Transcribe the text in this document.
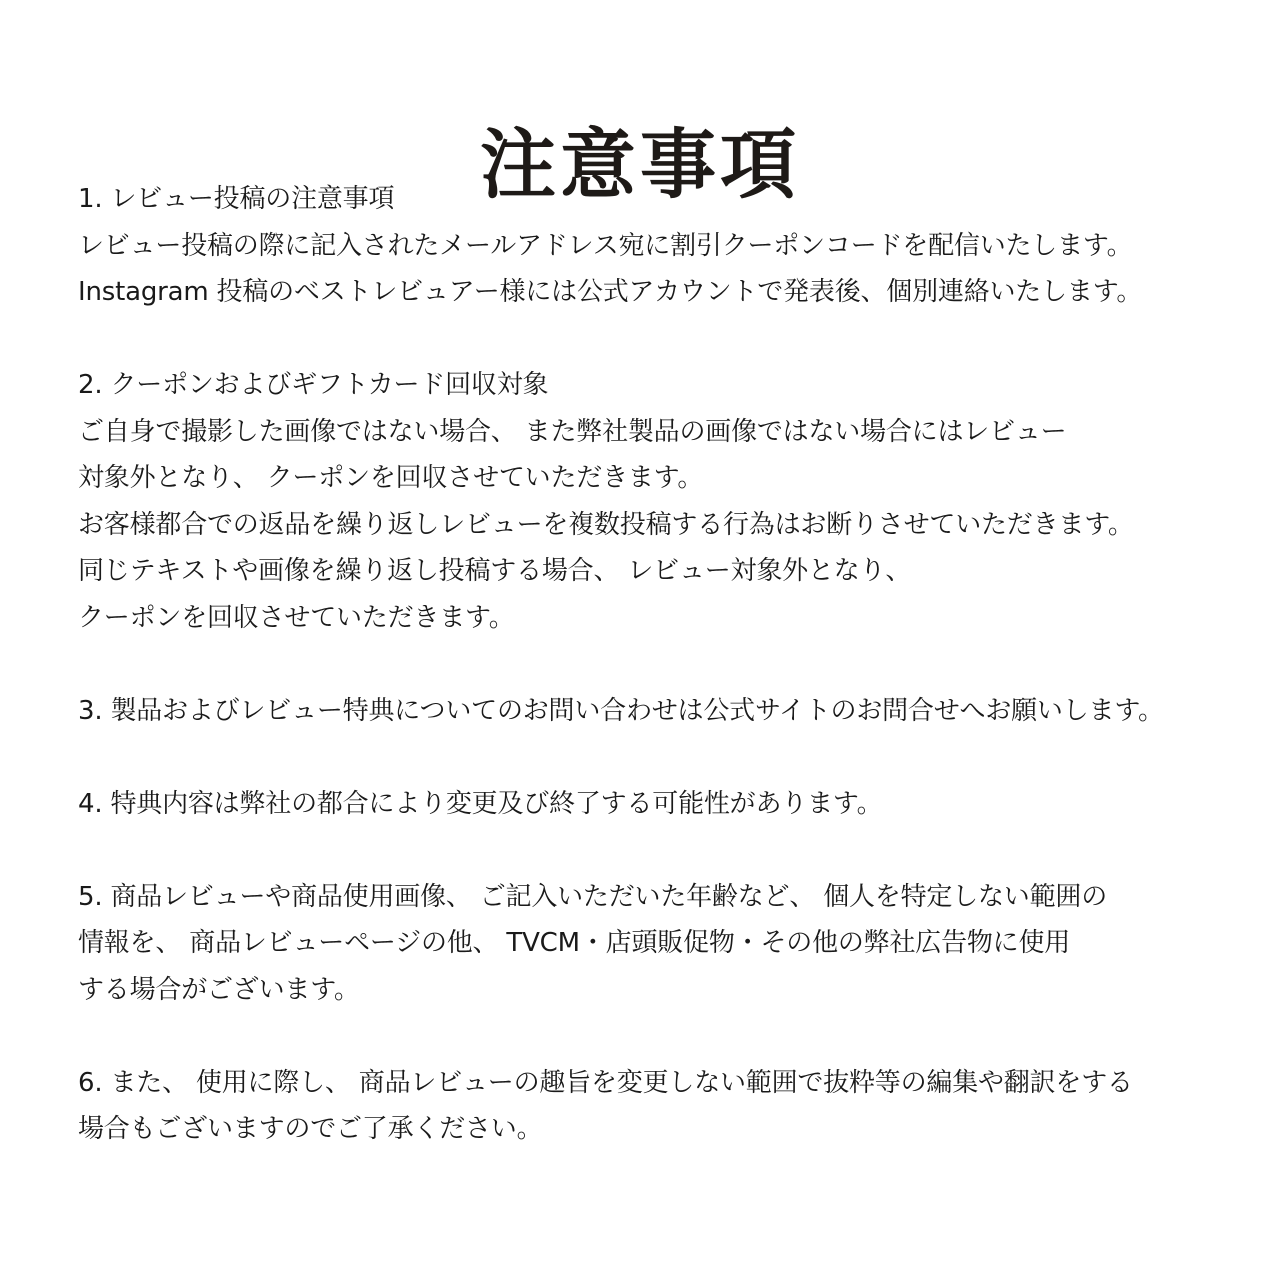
注意事項
1. レビュー投稿の注意事項
レビュー投稿の際に記入されたメールアドレス宛に割引クーポンコードを配信いたします。
Instagram 投稿のベストレビュアー様には公式アカウントで発表後、個別連絡いたします。
2. クーポンおよびギフトカード回収対象
ご自身で撮影した画像ではない場合、 また弊社製品の画像ではない場合にはレビュー
対象外となり、 クーポンを回収させていただきます。
お客様都合での返品を繰り返しレビューを複数投稿する行為はお断りさせていただきます。
同じテキストや画像を繰り返し投稿する場合、 レビュー対象外となり、
クーポンを回収させていただきます。
3. 製品およびレビュー特典についてのお問い合わせは公式サイトのお問合せへお願いします。
4. 特典内容は弊社の都合により変更及び終了する可能性があります。
5. 商品レビューや商品使用画像、 ご記入いただいた年齢など、 個人を特定しない範囲の
情報を、 商品レビューページの他、 TVCM・店頭販促物・その他の弊社広告物に使用
する場合がございます。
6. また、 使用に際し、 商品レビューの趣旨を変更しない範囲で抜粋等の編集や翻訳をする
場合もございますのでご了承ください。
